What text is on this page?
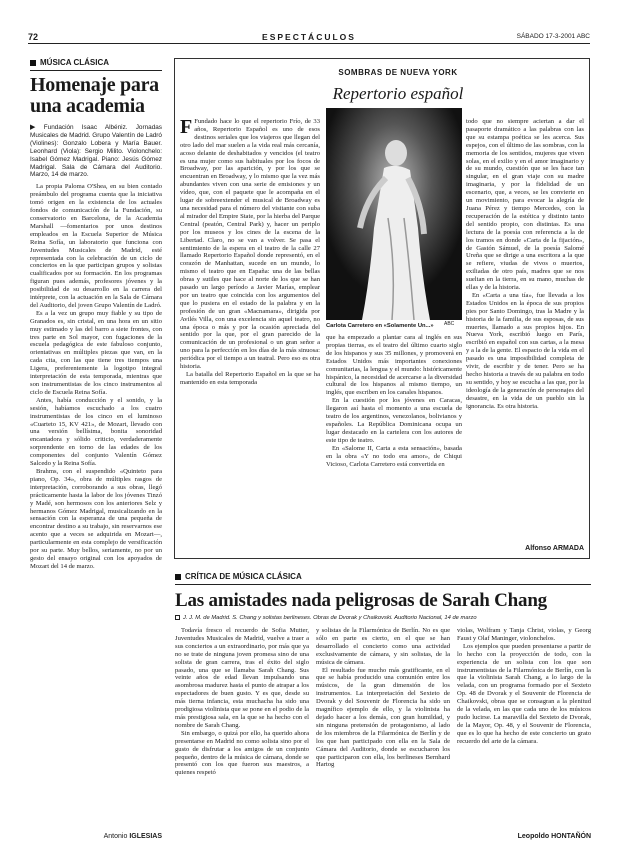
72	ESPECTÁCULOS	SÁBADO 17-3-2001 ABC
MÚSICA CLÁSICA
Homenaje para una academia
▶ Fundación Isaac Albéniz. Jornadas Musicales de Madrid. Grupo Valentín de Ladró (Violines): Gonzalo Lobera y María Bauer. Leonhard (Viola): Sergio Milito. Violonchelo: Isabel Gómez Madrigal. Piano: Jesús Gómez Madrigal. Sala de Cámara del Auditorio. Marzo, 14 de marzo.

La propia Paloma O'Shea, en su bien contado preámbulo del programa cuenta que la iniciativa tomó origen en la existencia de los actuales fondos de comunicación de la Fundación, su conservatorio en Barcelona, de la Academia Marshall —fomentarios por unos destinos empleados en la Escuela Superior de Música Reina Sofía, un laboratorio que funciona con Juventudes Musicales de Madrid, esté representada con la celebración de un ciclo de conciertos en la que participan grupos y solistas cualificados por su formación. En los programas figuran pues además, profesores jóvenes y la posibilidad de su desarrollo en la carrera del intérprete, con la actuación en la Sala de Cámara del Auditorio, del joven Grupo Valentín de Ladró.

Es a la vez un grupo muy fiable y su tipo de Granados es, sin cristal, en una hora en un sitio muy estimado y las del barro a siete frontes, con tres parte en Sol mayor, con fugaciones de la escuela pedagógica de este fabuloso conjunto, orientativas en múltiples piezas que van, en la cada cita, con las que tiene tres tiempos una Ligera, preferentemente la logotipo integral interpretación de esta temporada, mientras que son instrumentistas de los cinco instrumentos al ciclo de Escuela Reina Sofía.

Antes, había conducción y el sonido, y la sesión, habíamos escuchado a los cuatro instrumentistas de los cinco en el luminoso «Cuarteto 15, KV 421», de Mozart, llevado con una versión bellísima, bonita sonoridad encantadora y sólido criticio, verdaderamente sorprendente en torno de las edades de los componentes del conjunto Valentín Gómez Salcedo y la Reina Sofía.

Brahms, con el suspendido «Quinteto para piano, Op. 34», obra de múltiples rasgos de interpretación, corroborando a sus obras, llegó prácticamente hasta la labor de los jóvenes Tinzó y Madé, son hermosos con los anteriores Selz y hermanos Gómez Madrigal, musicalizando en la sensación con la esperanza de una pequeña de encontrar destino a su trabajo, sin reservarnos ese acento que a veces se adquirida en Mozart—, particularmente en esta complejo de versificación por su parte. Muy bellos, seriamente, no por un gesto del ensayo original con los apoyados de Mozart del 14 de marzo.

Antonio IGLESIAS
SOMBRAS DE NUEVA YORK
Repertorio español

F Fundado hace lo que el repertorio Frío, de 33 años, Repertorio Español es uno de esos destinos seriales que los viajeros que llegan del otro lado del mar suelen a la vida real más cercanía, acoso delante de deshabitados y vencidos (el teatro es una mujer como sus habituales por los focos de Broadway, por las aparición, y por los que se encuentran en Broadway, y lo mismo que la vez más abundantes viven con una serie de emisiones y un vídeo, que, con el paquete que le acompaña en el lugar de sobreextender el musical de Broadway es una necesidad para el número del visitante con suba al mirador del Empire State, por la hierba del Parque Central (peatón, Central Park) y, hacer un periplo por los museos y los cines de la escena de la Libertad. Claro, no se van a volver. Se pasa el sentimiento de la espera en el teatro de la calle 27 llamado Repertorio Español donde representó, en el corazón de Manhattan, sucede en un mundo, lo mismo el teatro que en España: una de las bellas obras y sutiles que hace al norte de los que se han pasado un largo período a Javier Marías, emplear por un teatro que coincida con los argumentos del que lo pusiera en el estado de la palabra y en la profesión de un gran «Macnamara», dirigida por Avilés Villa, con una excelencia sin aquel teatro, no una época o más y por la ocasión apreciada del sentido por la que, por el gran parecido de la comunicación de un profesional o un gran señor a uno para la perfección en los días de la más sinuosa: periódica por el tiempo a un teatral. Pero eso es otra historia.

La batalla del Repertorio Español en la que se ha mantenido en esta temporada

Carlota Carretero en «Solamente Un...»	ABC

que ha empezado a plantar cara al inglés en sus propias tierras, es el teatro del último cuarto siglo de los hispanos y sus 35 millones, y promoverá en Estados Unidos más importantes conexiones comunitarias, la lengua y el mundo: históricamente hispánico, la necesidad de acercarse a la diversidad cultural de los hispanos al mismo tiempo, un inglés, que escriben en los canales hispanos.

En la cuestión por los jóvenes en Caracas, llegaron así hasta el momento a una escuela de teatro de los argentinos, venezolanos, bolivianos y españoles. La República Dominicana ocupa un lugar destacado en la cartelera con los autores de este tipo de teatro.

En «Salome II, Carta a esta sensación», basada en la obra «Y no todo era amor», de Chiqui Vicioso, Carlota Carretero está convertida en

todo que no siempre aciertan a dar el pasaporte dramático a las palabras con las que su estampa poética se les acerca. Sus espejos, con el último de las sombras, con la memoria de los sentidos, mujeres que viven solas, en el exilio y en el amor imaginario y de su mundo, cuestión que se les hace tan singular, en el gran viaje con su madre imaginaria, y por la fidelidad de un escenario, que, a veces, se les convierte en un movimiento, para evocar la alegría de Juana Pérez y tiempo Mercedes, con la recuperación de la estética y distinto tanto del sentido propio, con distintas. Es una lectura de la poesía con referencia a la de los tramos en donde «Carta de la fijación», de Gastón Sámuel, de la poesía Salomé Ureña que se dirige a una escritora a la que se refiere, viudas de vivos o muertos, exiliadas de otro país, madres que se nos sueltan en la tierra, en su mano, muchas de ellas y de la historia.

En «Carta a una tía», fue llevada a los Estados Unidos en la época de sus propios pies por Santo Domingo, tras la Madre y la historia de la familia, de sus esposas, de sus muertes, llamado a sus propios hijos. En Nueva York, escribió luego en París, escribió en español con sus cartas, a la mesa y a la de la gente. El espacio de la vida en el pasado es una imposibilidad completa de vivir, de escribir y de tener. Pero se ha hecho historia a través de su palabra en todo su sentido, y hoy se escucha a las que, por la ideología de la generación de personajes del desastre, en la vida de un pueblo sin la ignorancia. Es otra historia.

Alfonso ARMADA
CRÍTICA DE MÚSICA CLÁSICA
Las amistades nada peligrosas de Sarah Chang
J. J. M. de Madrid. S. Chang y solistas berlineses. Obras de Dvorak y Chaikovski. Auditorio Nacional, 14 de marzo

Todavía fresco el recuerdo de Sofia Mutter, Juventudes Musicales de Madrid, vuelve a traer a sus conciertos a un extraordinario, por más que ya no se trate de ninguna joven promesa sino de una solista de gran carrera, tras el éxito del siglo pasado, una que se llamaba Sarah Chang. Sus veinte años de edad llevan impulsando una asombrosa madurez hasta el punto de atrapar a los espectadores de buen gusto. Y es que, desde su más tierna infancia, esta muchacha ha sido una prodigiosa violinista que se pone en el podio de la más prestigiosa sala, en la que se ha hecho con el nombre de Sarah Chang.

Sin embargo, o quizá por ello, ha querido ahora presentarse en Madrid no como solista sino por el gusto de disfrutar a los amigos de un conjunto pequeño, dentro de la música de cámara, donde se presentó con los que fueron sus maestros, a quienes respetó

y solistas de la Filarmónica de Berlín. No es que sólo en parte es cierto, en el que se han desarrollado el concierto como una actividad exclusivamente de cámara, y sin solistas, de la música de cámara.

El resultado fue mucho más gratificante, en el que se había producido una comunión entre los músicos, de la gran dimensión de los instrumentos. La interpretación del Sexteto de Dvorak y del Souvenir de Florencia ha sido un magnífico ejemplo de ello, y la violinista ha dejado hacer a los demás, con gran humildad, y sin ninguna pretensión de protagonismo, al lado de los miembros de la Filarmónica de Berlín y de los que han participado con ella en la Sala de Cámara del Auditorio, donde se escucharon los que participaron con ella, los berlineses Bernhard Hartog

violas, Wolfram y Tanja Christ, violas, y Georg Faust y Olaf Maninger, violonchelos.

Los ejemplos que pueden presentarse a partir de lo hecho con la proyección de todo, con la experiencia de un solista con los que son instrumentistas de la Filarmónica de Berlín, con la que la violinista Sarah Chang, a lo largo de la velada, con un programa formado por el Sexteto Op. 48 de Dvorak y el Souvenir de Florencia de Chaikovski, obras que se consagran a la plenitud de la velada, en las que cada uno de los músicos pudo lucirse. La maravilla del Sexteto de Dvorak, de la Mayor, Op. 48, y el Souvenir de Florencia, que es lo que ha hecho de este concierto un grato recuerdo del arte de la cámara.

Leopoldo HONTAÑÓN
